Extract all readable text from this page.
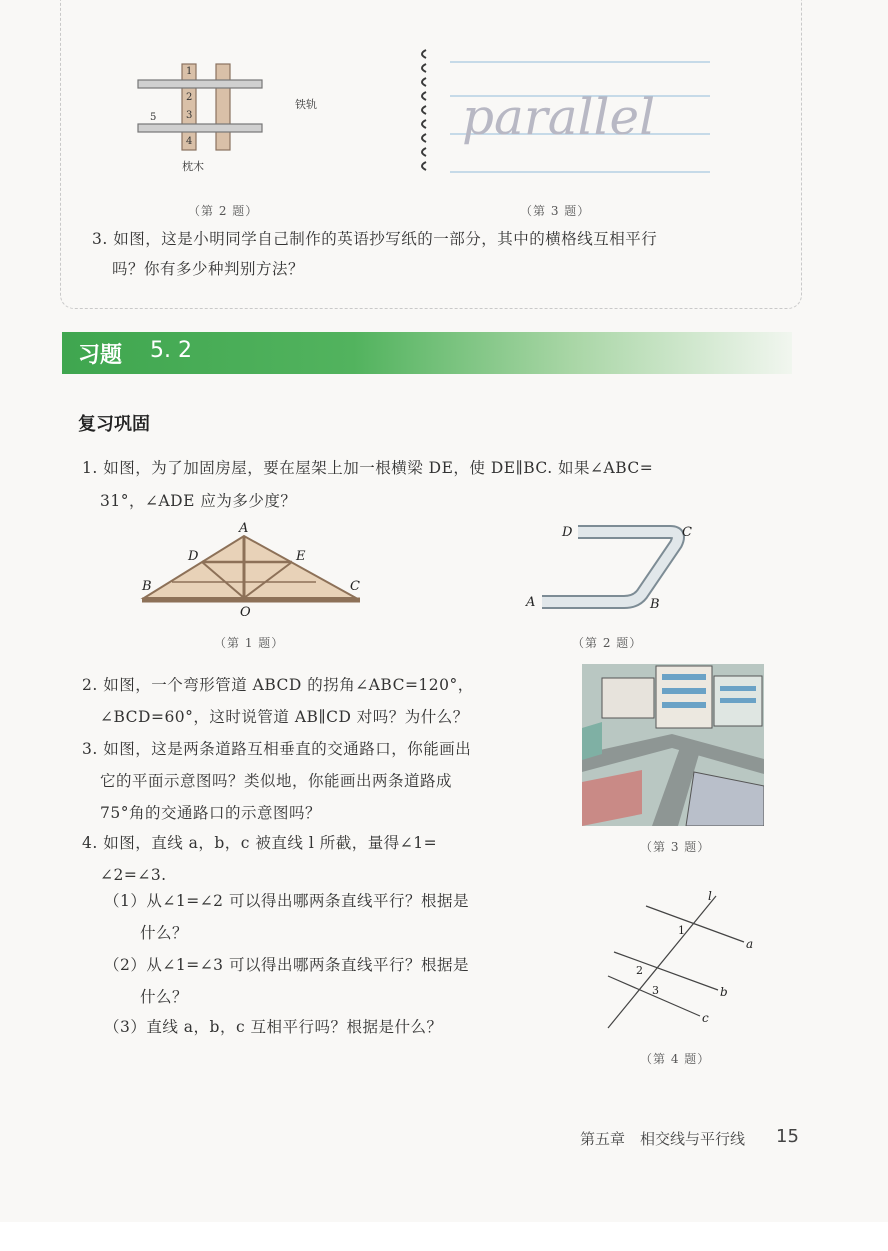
1
2
3
4
5
铁轨
枕木
（第 2 题）
parallel
（第 3 题）
3. 如图，这是小明同学自己制作的英语抄写纸的一部分，其中的横格线互相平行
吗？你有多少种判别方法？
习题 5. 2
复习巩固
1. 如图，为了加固房屋，要在屋架上加一根横梁 DE，使 DE∥BC. 如果∠ABC=
31°，∠ADE 应为多少度？
A
D	E
B	C
O
（第 1 题）
D	C
A	B
（第 2 题）
2. 如图，一个弯形管道 ABCD 的拐角∠ABC=120°，
∠BCD=60°，这时说管道 AB∥CD 对吗？为什么？
3. 如图，这是两条道路互相垂直的交通路口，你能画出
它的平面示意图吗？类似地，你能画出两条道路成
75°角的交通路口的示意图吗？
（第 3 题）
4. 如图，直线 a，b，c 被直线 l 所截，量得∠1=
∠2=∠3.
（1）从∠1=∠2 可以得出哪两条直线平行？根据是
什么？
（2）从∠1=∠3 可以得出哪两条直线平行？根据是
什么？
（3）直线 a，b，c 互相平行吗？根据是什么？
l
a
b
c
1
2
3
（第 4 题）
第五章　相交线与平行线 15
